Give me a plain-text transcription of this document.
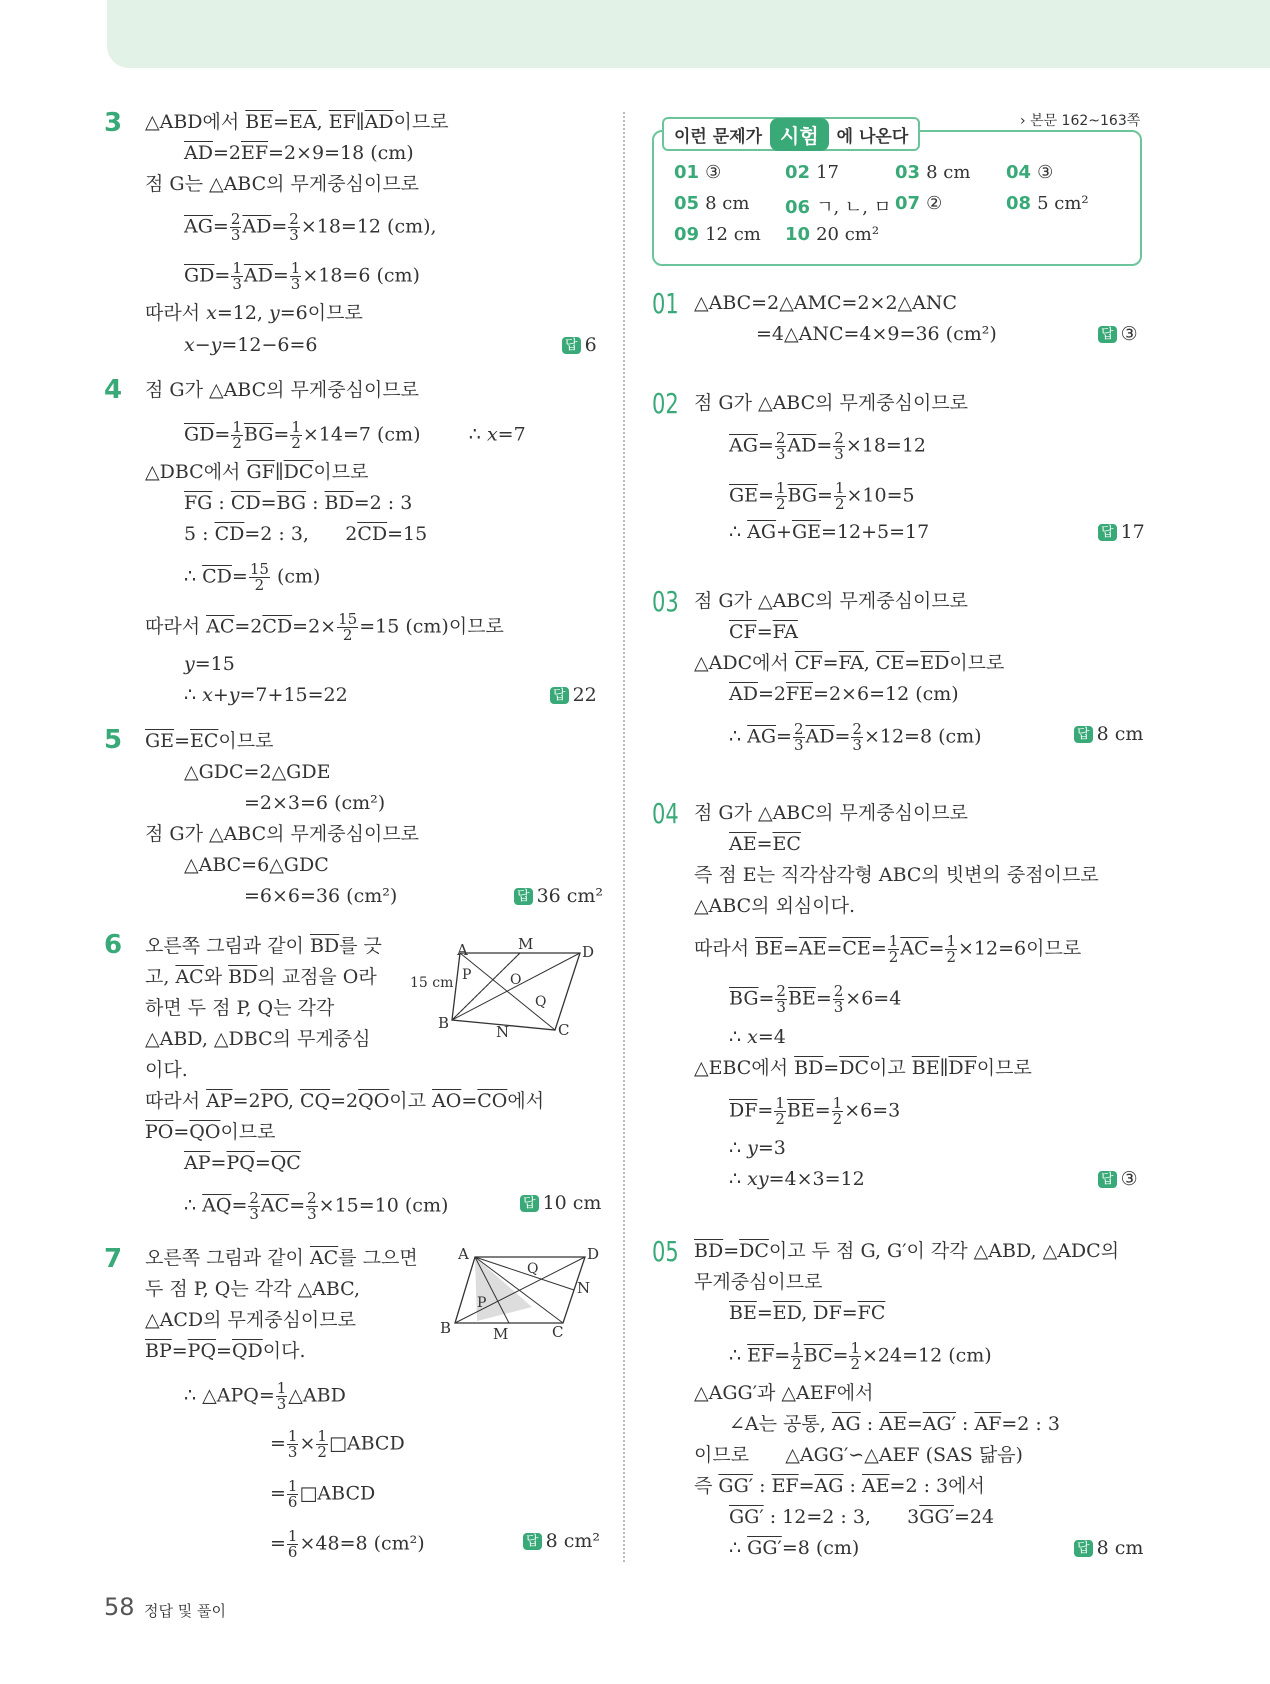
3 △ABD에서 $\overline{BE}=\overline{EA}$, $\overline{EF}\parallel\overline{AD}$이므로
$\overline{AD}=2\overline{EF}=2\times 9=18$ (cm)
점 G는 △ABC의 무게중심이므로
$\overline{AG}= \frac{2}{3} \overline{AD}= \frac{2}{3} \times 18=12$ (cm),
$\overline{GD}= \frac{1}{3} \overline{AD}= \frac{1}{3} \times 18=6$ (cm)
따라서 x=12, y=6이므로
x−y=12−6=6	답 6
4 점 G가 △ABC의 무게중심이므로
$\overline{GD}= \frac{1}{2} \overline{BG}= \frac{1}{2} \times 14=7$ (cm)        ∴ x=7
△DBC에서 $\overline{GF}\parallel\overline{DC}$이므로
$\overline{FG}$ : $\overline{CD}=\overline{BG}$ : $\overline{BD}=2$ : 3
5 : $\overline{CD}=2$ : 3,      $2\overline{CD}=15$
∴ $\overline{CD}= \frac{15}{2} (cm)$
따라서 $\overline{AC}=2\overline{CD}=2\times \frac{15}{2} =15$ (cm)이므로
y=15
∴ x+y=7+15=22	답 22
5 $\overline{GE}=\overline{EC}$이므로
△GDC=2△GDE
=2×3=6 (cm²)
점 G가 △ABC의 무게중심이므로
△ABC=6△GDC
=6×6=36 (cm²)	답 36 cm²
6 오른쪽 그림과 같이 $\overline{BD}$를 긋
고, $\overline{AC}$와 $\overline{BD}$의 교점을 O라
하면 두 점 P, Q는 각각
△ABD, △DBC의 무게중심
이다.
따라서 $\overline{AP}=2\overline{PO}$, $\overline{CQ}=2\overline{QO}$이고 $\overline{AO}=\overline{CO}$에서
$\overline{PO}=\overline{QO}$이므로
$\overline{AP}=\overline{PQ}=\overline{QC}$
∴ $\overline{AQ}= \frac{2}{3} \overline{AC}= \frac{2}{3} \times 15=10$ (cm)	답 10 cm
P	O
Q
A	M	D
B	N	C
15 cm
7 오른쪽 그림과 같이 $\overline{AC}$를 그으면
두 점 P, Q는 각각 △ABC,
△ACD의 무게중심이므로
$\overline{BP}=\overline{PQ}=\overline{QD}$이다.
∴ △APQ= $\frac{1}{3}$ △ABD
= $\frac{1}{3} \times \frac{1}{2}$ □ABCD
= $\frac{1}{6}$ □ABCD
= $\frac{1}{6} \times 48=8$ (cm²)	답 8 cm²
A	D
B	M	C
N
P
Q
이런 문제가 시험	에 나온다
› 본문 162~163쪽
01 ③	02 17	03 8 cm 04 ③
05 8 cm 06 ㄱ, ㄴ, ㅁ 07 ②	08 5 cm²
09 12 cm 10 20 cm²
01 △ABC=2△AMC=2×2△ANC
=4△ANC=4×9=36 (cm²)	답 ③
02 점 G가 △ABC의 무게중심이므로
$\overline{AG}= \frac{2}{3} \overline{AD}= \frac{2}{3} \times 18=12$
$\overline{GE}= \frac{1}{2} \overline{BG}= \frac{1}{2} \times 10=5$
∴ $\overline{AG}+\overline{GE}=12+5=17$	답 17
03 점 G가 △ABC의 무게중심이므로
$\overline{CF}=\overline{FA}$
△ADC에서 $\overline{CF}=\overline{FA}$, $\overline{CE}=\overline{ED}$이므로
$\overline{AD}=2\overline{FE}=2\times 6=12$ (cm)
∴ $\overline{AG}= \frac{2}{3} \overline{AD}= \frac{2}{3} \times 12=8$ (cm)	답 8 cm
04 점 G가 △ABC의 무게중심이므로
$\overline{AE}=\overline{EC}$
즉 점 E는 직각삼각형 ABC의 빗변의 중점이므로
△ABC의 외심이다.
따라서 $\overline{BE}=\overline{AE}=\overline{CE}= \frac{1}{2} \overline{AC}= \frac{1}{2} \times 12=6$이므로
$\overline{BG}= \frac{2}{3} \overline{BE}= \frac{2}{3} \times 6=4$
∴ x=4
△EBC에서 $\overline{BD}=\overline{DC}$이고 $\overline{BE}\parallel\overline{DF}$이므로
$\overline{DF}= \frac{1}{2} \overline{BE}= \frac{1}{2} \times 6=3$
∴ y=3
∴ xy=4×3=12	답 ③
05 $\overline{BD}=\overline{DC}$이고 두 점 G, G′이 각각 △ABD, △ADC의
무게중심이므로
$\overline{BE}=\overline{ED}$, $\overline{DF}=\overline{FC}$
∴ $\overline{EF}= \frac{1}{2} \overline{BC}= \frac{1}{2} \times 24=12$ (cm)
△AGG′과 △AEF에서
∠A는 공통, $\overline{AG}$ : $\overline{AE}=AG'$ : $\overline{AF}=2$ : 3
이므로      △AGG′∽△AEF (SAS 닮음)
즉 GG′ : $\overline{EF}=\overline{AG}$ : $\overline{AE}=2$ : 3에서
GG′ : 12=2 : 3,      3GG′=24
∴ GG′=8 (cm)	답 8 cm
58 정답 및 풀이
